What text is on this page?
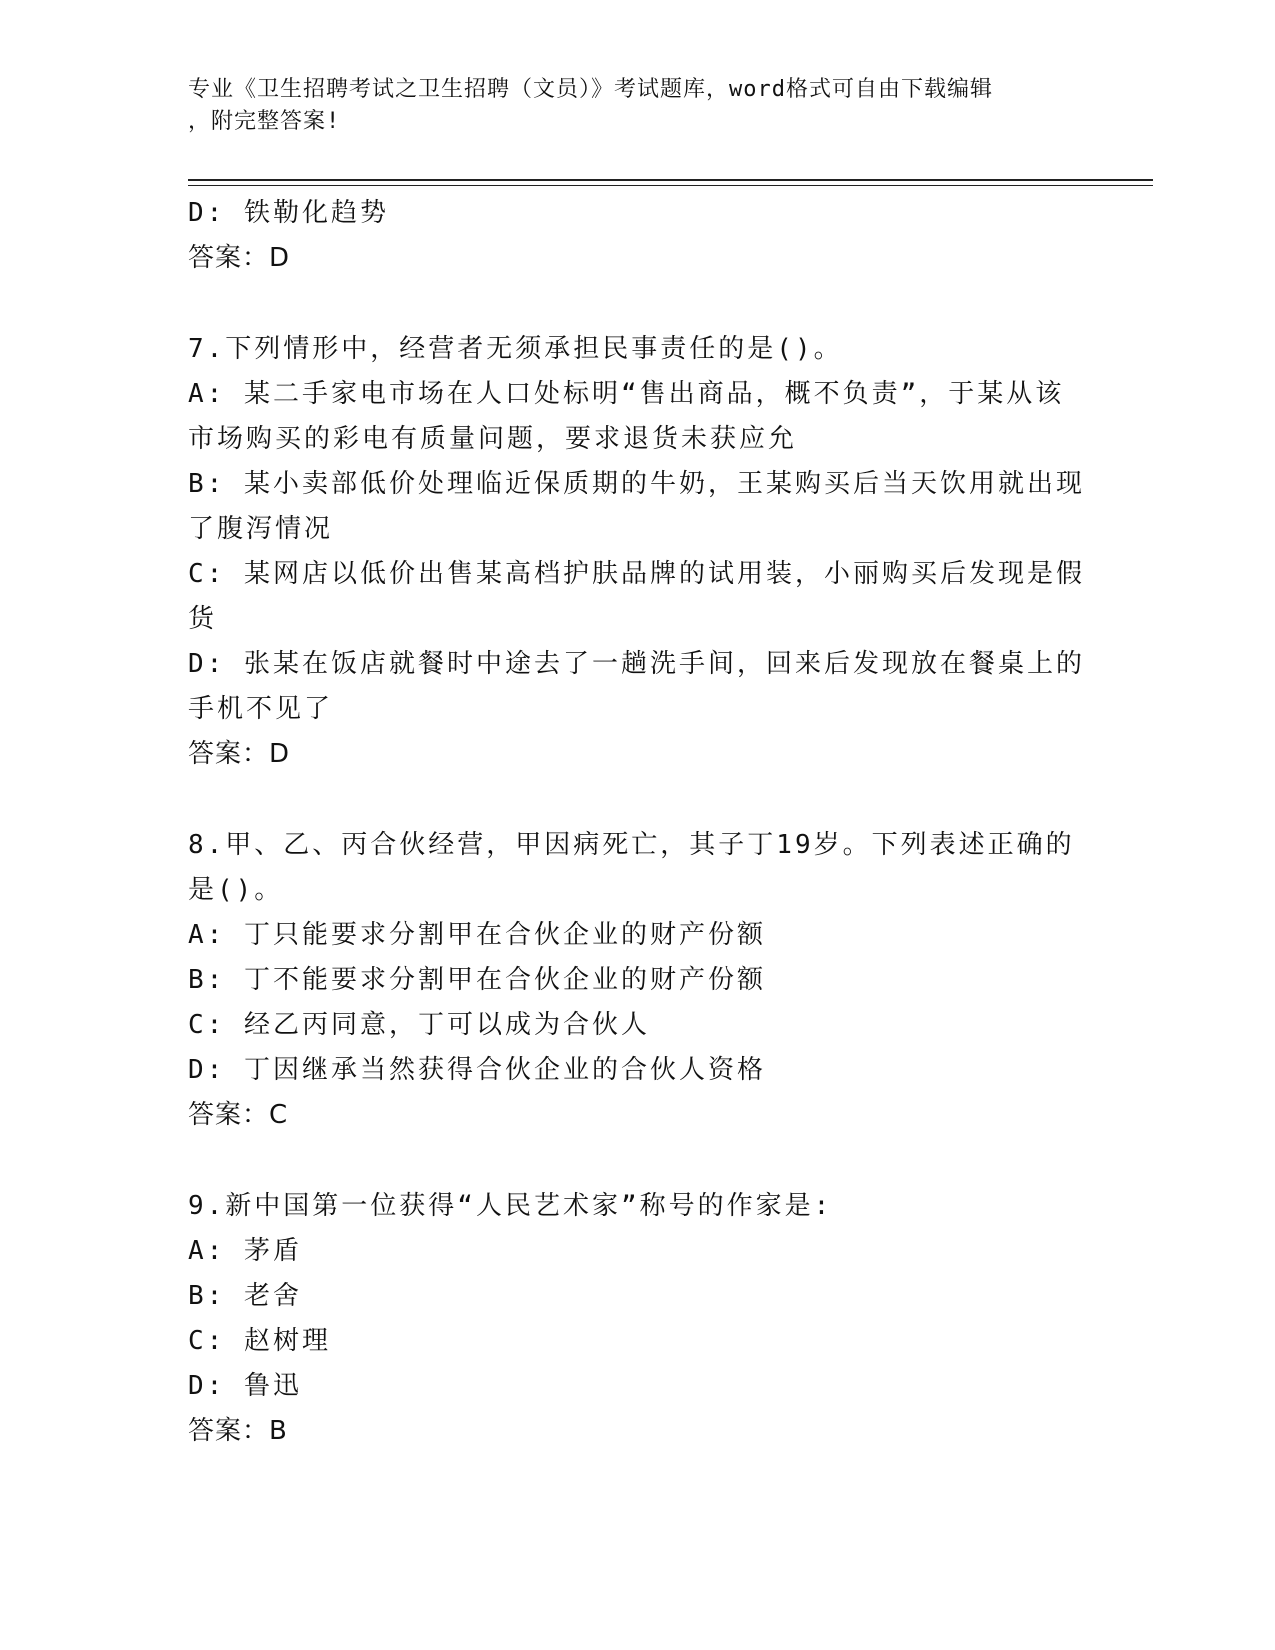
专业《卫生招聘考试之卫生招聘（文员）》考试题库，word格式可自由下载编辑
，附完整答案!
D: 铁勒化趋势
答案：D
7.下列情形中，经营者无须承担民事责任的是()。
A: 某二手家电市场在人口处标明“售出商品，概不负责”，于某从该
市场购买的彩电有质量问题，要求退货未获应允
B: 某小卖部低价处理临近保质期的牛奶，王某购买后当天饮用就出现
了腹泻情况
C: 某网店以低价出售某高档护肤品牌的试用装，小丽购买后发现是假
货
D: 张某在饭店就餐时中途去了一趟洗手间，回来后发现放在餐桌上的
手机不见了
答案：D
8.甲、乙、丙合伙经营，甲因病死亡，其子丁19岁。下列表述正确的
是()。
A: 丁只能要求分割甲在合伙企业的财产份额
B: 丁不能要求分割甲在合伙企业的财产份额
C: 经乙丙同意，丁可以成为合伙人
D: 丁因继承当然获得合伙企业的合伙人资格
答案：C
9.新中国第一位获得“人民艺术家”称号的作家是:
A: 茅盾
B: 老舍
C: 赵树理
D: 鲁迅
答案：B
